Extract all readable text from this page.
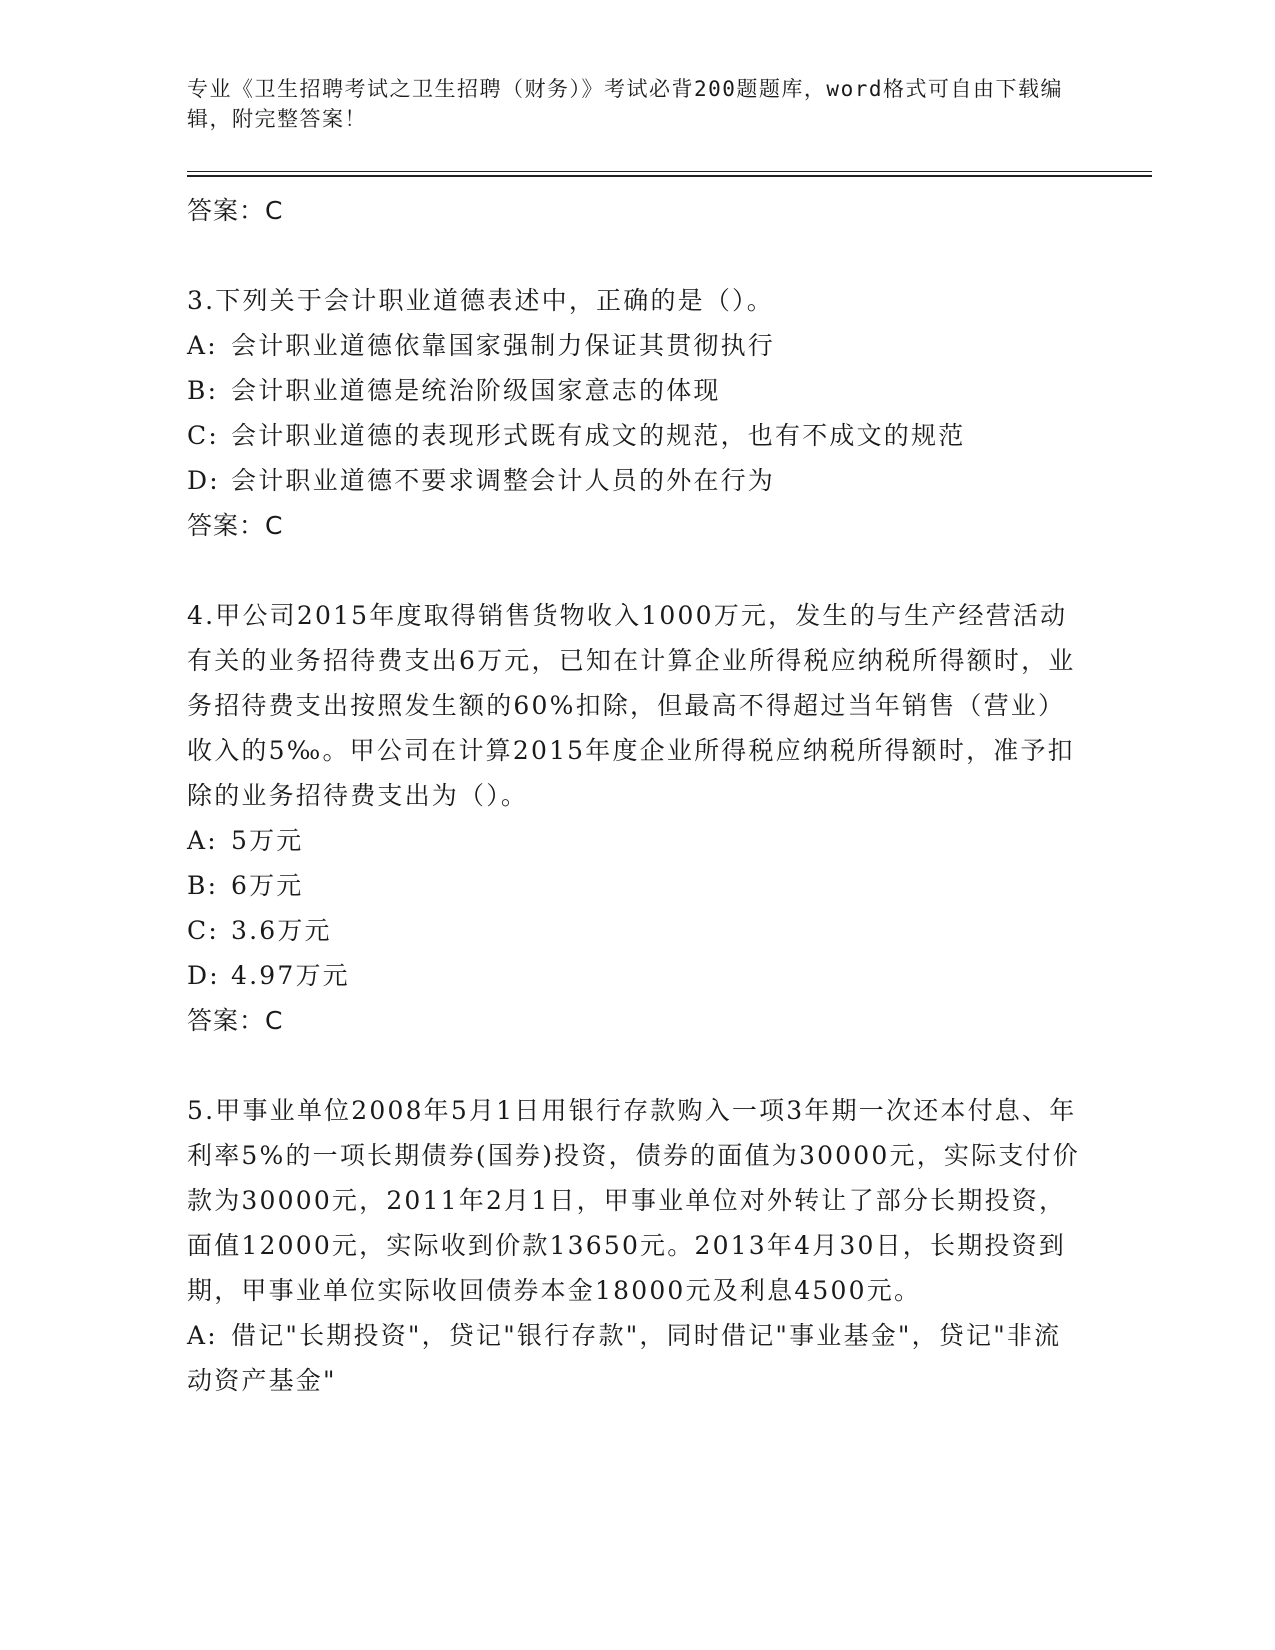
专业《卫生招聘考试之卫生招聘（财务）》考试必背200题题库，word格式可自由下载编辑，附完整答案！
答案：C
3.下列关于会计职业道德表述中，正确的是（）。
A: 会计职业道德依靠国家强制力保证其贯彻执行
B: 会计职业道德是统治阶级国家意志的体现
C: 会计职业道德的表现形式既有成文的规范，也有不成文的规范
D: 会计职业道德不要求调整会计人员的外在行为
答案：C
4.甲公司2015年度取得销售货物收入1000万元，发生的与生产经营活动有关的业务招待费支出6万元，已知在计算企业所得税应纳税所得额时，业务招待费支出按照发生额的60%扣除，但最高不得超过当年销售（营业）收入的5‰。甲公司在计算2015年度企业所得税应纳税所得额时，准予扣除的业务招待费支出为（）。
A: 5万元
B: 6万元
C: 3.6万元
D: 4.97万元
答案：C
5.甲事业单位2008年5月1日用银行存款购入一项3年期一次还本付息、年利率5%的一项长期债券(国券)投资，债券的面值为30000元，实际支付价款为30000元，2011年2月1日，甲事业单位对外转让了部分长期投资，面值12000元，实际收到价款13650元。2013年4月30日，长期投资到期，甲事业单位实际收回债券本金18000元及利息4500元。
A: 借记"长期投资"，贷记"银行存款"，同时借记"事业基金"，贷记"非流动资产基金"
